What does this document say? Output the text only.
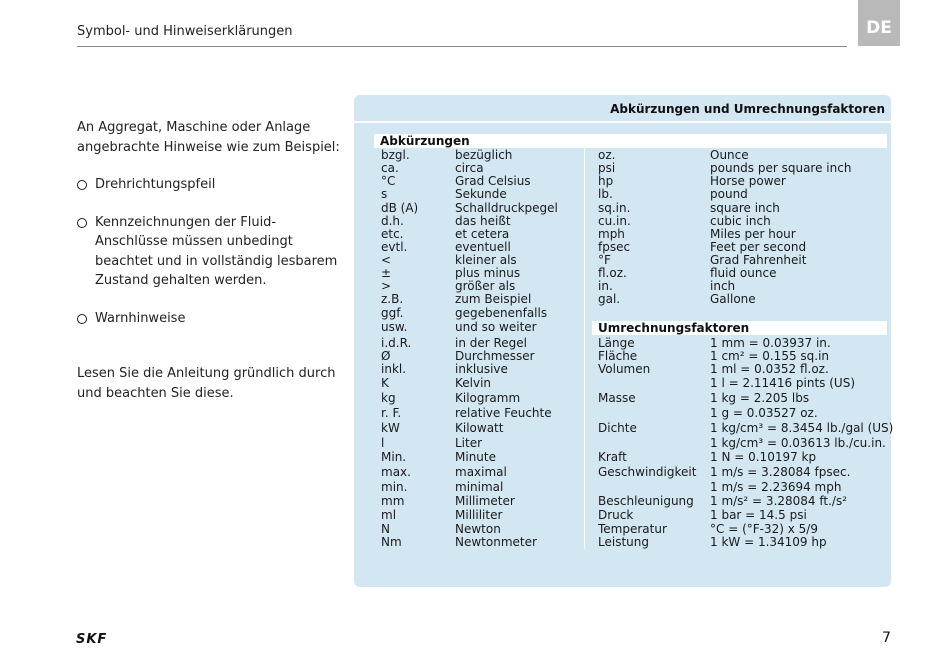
Symbol- und Hinweiserklärungen	DE

An Aggregat, Maschine oder Anlage angebrachte Hinweise wie zum Beispiel:

Drehrichtungspfeil

Kennzeichnungen der Fluid-Anschlüsse müssen unbedingt beachtet und in vollständig lesbarem Zustand gehalten werden.

Warnhinweise

Lesen Sie die Anleitung gründlich durch und beachten Sie diese.

Abkürzungen und Umrechnungsfaktoren
Abkürzungen
Umrechnungsfaktoren
bzgl.	bezüglich
ca.	circa
°C	Grad Celsius
s	Sekunde
dB (A)	Schalldruckpegel
d.h.	das heißt
etc.	et cetera
evtl.	eventuell
<	kleiner als
±	plus minus
>	größer als
z.B.	zum Beispiel
ggf.	gegebenenfalls
usw.	und so weiter
i.d.R.	in der Regel
Ø	Durchmesser
inkl.	inklusive
K	Kelvin
kg	Kilogramm
r. F.	relative Feuchte
kW	Kilowatt
l	Liter
Min.	Minute
max.	maximal
min.	minimal
mm	Millimeter
ml	Milliliter
N	Newton
Nm	Newtonmeter
oz.	Ounce
psi	pounds per square inch
hp	Horse power
lb.	pound
sq.in.	square inch
cu.in.	cubic inch
mph	Miles per hour
fpsec	Feet per second
°F	Grad Fahrenheit
fl.oz.	fluid ounce
in.	inch
gal.	Gallone
Länge	1 mm = 0.03937 in.
Fläche	1 cm² = 0.155 sq.in
Volumen	1 ml = 0.0352 fl.oz.
1 l = 2.11416 pints (US)
Masse	1 kg = 2.205 lbs
1 g = 0.03527 oz.
Dichte	1 kg/cm³ = 8.3454 lb./gal (US)
1 kg/cm³ = 0.03613 lb./cu.in.
Kraft	1 N = 0.10197 kp
Geschwindigkeit 1 m/s = 3.28084 fpsec.
1 m/s = 2.23694 mph
Beschleunigung 1 m/s² = 3.28084 ft./s²
Druck	1 bar = 14.5 psi
Temperatur	°C = (°F-32) x 5/9
Leistung	1 kW = 1.34109 hp
SKF	7
